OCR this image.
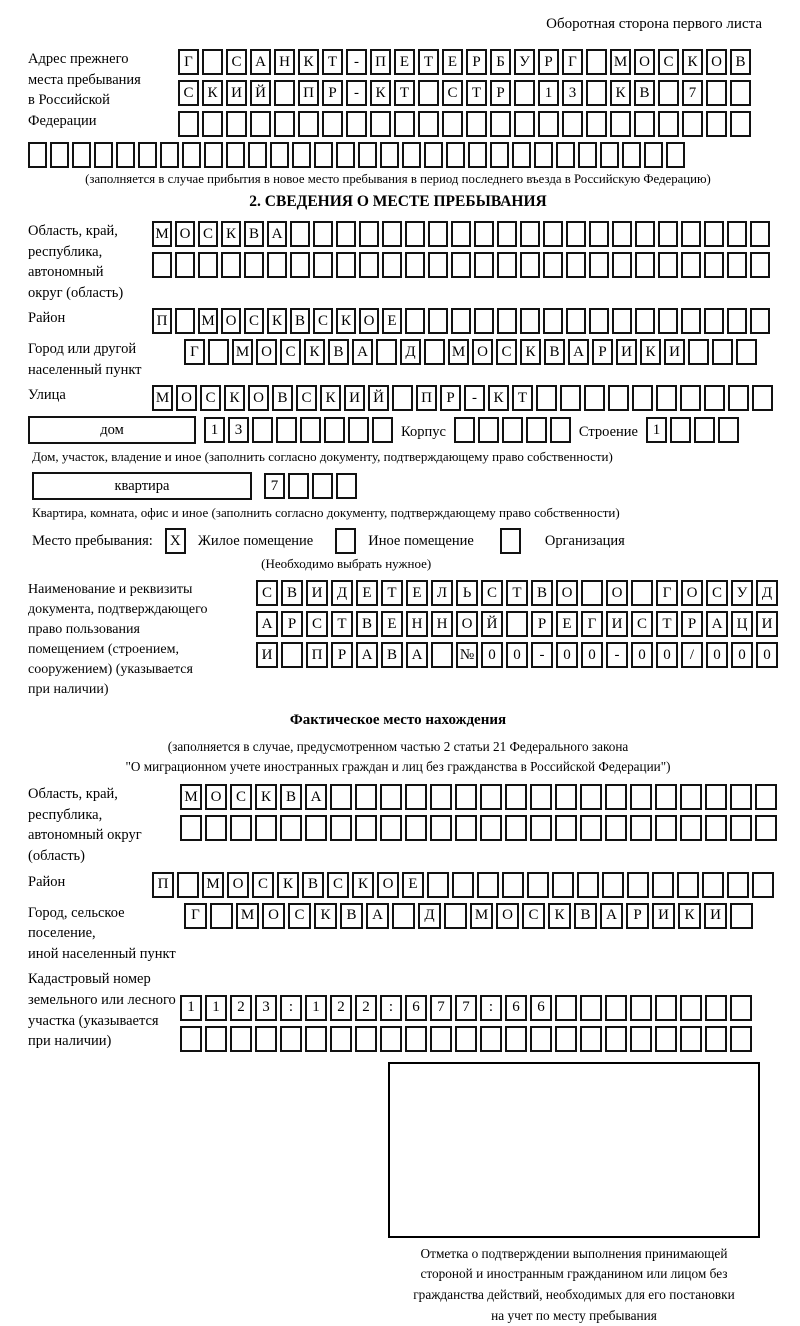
Оборотная сторона первого листа
Адрес прежнего
места пребывания
в Российской
Федерации
Г	С А Н К Т	-	П Е Т Е	Р	Б У Р	Г	М О С К О В
С К И Й	П Р	-	К Т	С Т	Р	1	3	К В	7
(заполняется в случае прибытия в новое место пребывания в период последнего въезда в Российскую Федерацию)
2. СВЕДЕНИЯ О МЕСТЕ ПРЕБЫВАНИЯ
Область, край,
республика,
автономный
округ (область)
М О С К В А
Район	П	М О С К В С К О Е
Город или другой
населенный пункт
Г	М О С К В А	Д	М О С К В А Р И К И
Улица	М О С К О В С К И Й	П Р	-	К Т
дом	1	3	Корпус	Строение 1
Дом, участок, владение и иное (заполнить согласно документу, подтверждающему право собственности)
квартира	7
Квартира, комната, офис и иное (заполнить согласно документу, подтверждающему право собственности)
Место пребывания:	X	Жилое помещение	Иное помещение	Организация
(Необходимо выбрать нужное)
Наименование и реквизиты
документа, подтверждающего
право пользования
помещением (строением,
сооружением) (указывается
при наличии)
С В И Д	Е	Т	Е	Л	Ь	С	Т	В О	О	Г	О С У Д
А	Р	С	Т	В	Е	Н Н О Й	Р	Е	Г	И С	Т	Р	А Ц И
И	П	Р	А В А	№ 0	0	-	0	0	-	0	0	/	0	0	0
Фактическое место нахождения
(заполняется в случае, предусмотренном частью 2 статьи 21 Федерального закона
"О миграционном учете иностранных граждан и лиц без гражданства в Российской Федерации")
Область, край,
республика,
автономный округ
(область)
М О С К В А
Район	П	М О С К В С К О Е
Город, сельское поселение,
иной населенный пункт
Г	М О	С	К	В	А	Д	М О	С	К	В	А	Р	И	К	И
Кадастровый номер
земельного или лесного
участка (указывается
при наличии)
1	1	2	3	:	1	2	2	:	6	7	7	:	6	6
Отметка о подтверждении выполнения принимающей
стороной и иностранным гражданином или лицом без
гражданства действий, необходимых для его постановки
на учет по месту пребывания
